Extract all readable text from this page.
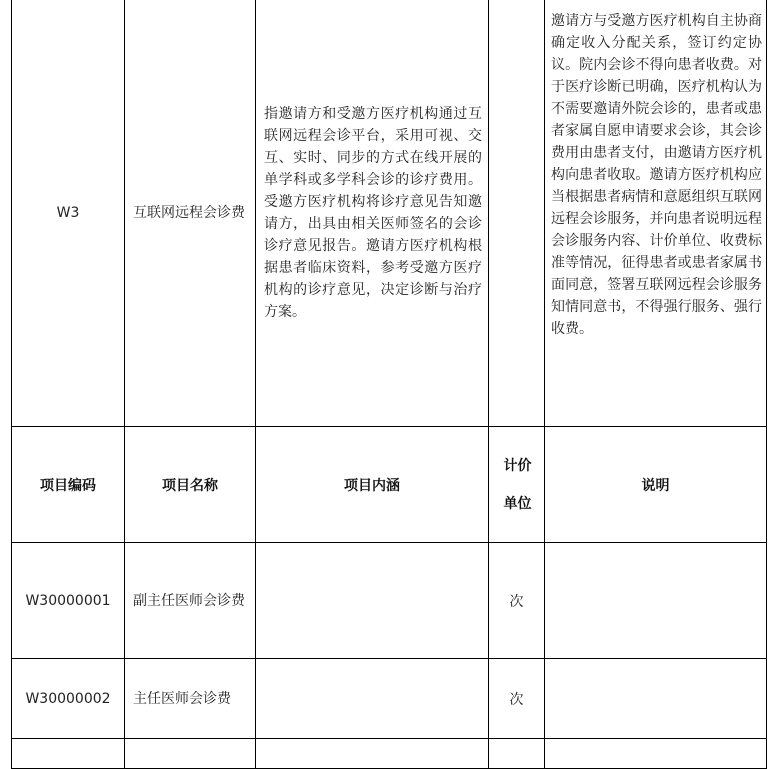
W3	互联网远程会诊费	指邀请方和受邀方医疗机构通过互联网远程会诊平台，采用可视、交互、实时、同步的方式在线开展的单学科或多学科会诊的诊疗费用。受邀方医疗机构将诊疗意见告知邀请方，出具由相关医师签名的会诊诊疗意见报告。邀请方医疗机构根据患者临床资料，参考受邀方医疗机构的诊疗意见，决定诊断与治疗方案。		邀请方与受邀方医疗机构自主协商确定收入分配关系，签订约定协议。院内会诊不得向患者收费。对于医疗诊断已明确，医疗机构认为不需要邀请外院会诊的，患者或患者家属自愿申请要求会诊，其会诊费用由患者支付，由邀请方医疗机构向患者收取。邀请方医疗机构应当根据患者病情和意愿组织互联网远程会诊服务，并向患者说明远程会诊服务内容、计价单位、收费标准等情况，征得患者或患者家属书面同意，签署互联网远程会诊服务知情同意书，不得强行服务、强行收费。
项目编码	项目名称	项目内涵	计价单位	说明
W30000001	副主任医师会诊费		次	
W30000002	主任医师会诊费		次	
